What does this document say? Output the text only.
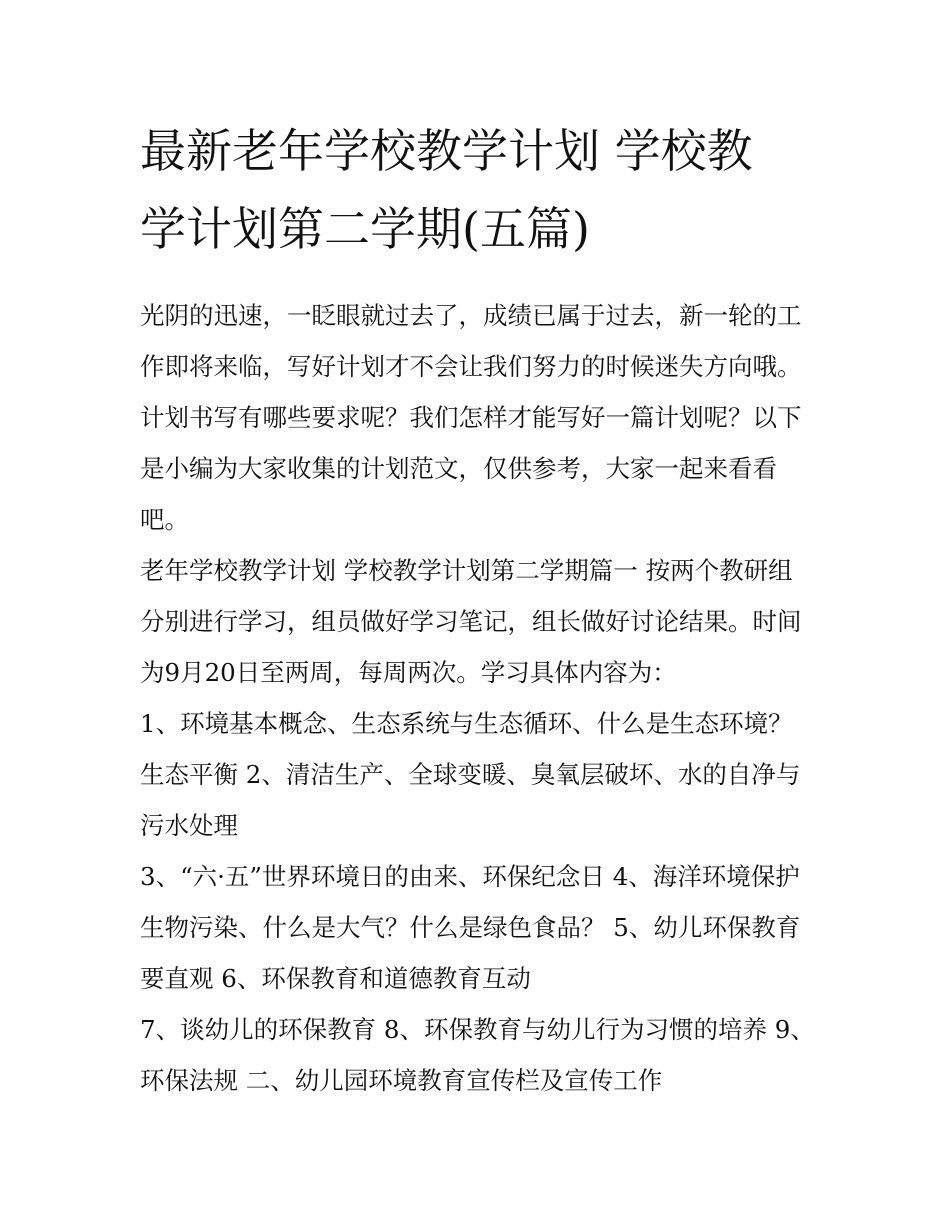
最新老年学校教学计划 学校教
学计划第二学期(五篇)
光阴的迅速，一眨眼就过去了，成绩已属于过去，新一轮的工
作即将来临，写好计划才不会让我们努力的时候迷失方向哦。
计划书写有哪些要求呢？我们怎样才能写好一篇计划呢？以下
是小编为大家收集的计划范文，仅供参考，大家一起来看看
吧。
老年学校教学计划 学校教学计划第二学期篇一 按两个教研组
分别进行学习，组员做好学习笔记，组长做好讨论结果。时间
为9月20日至两周，每周两次。学习具体内容为：
1、环境基本概念、生态系统与生态循环、什么是生态环境？
生态平衡 2、清洁生产、全球变暖、臭氧层破坏、水的自净与
污水处理
3、“六·五”世界环境日的由来、环保纪念日 4、海洋环境保护
生物污染、什么是大气？什么是绿色食品？ 5、幼儿环保教育
要直观 6、环保教育和道德教育互动
7、谈幼儿的环保教育 8、环保教育与幼儿行为习惯的培养 9、
环保法规 二、幼儿园环境教育宣传栏及宣传工作
